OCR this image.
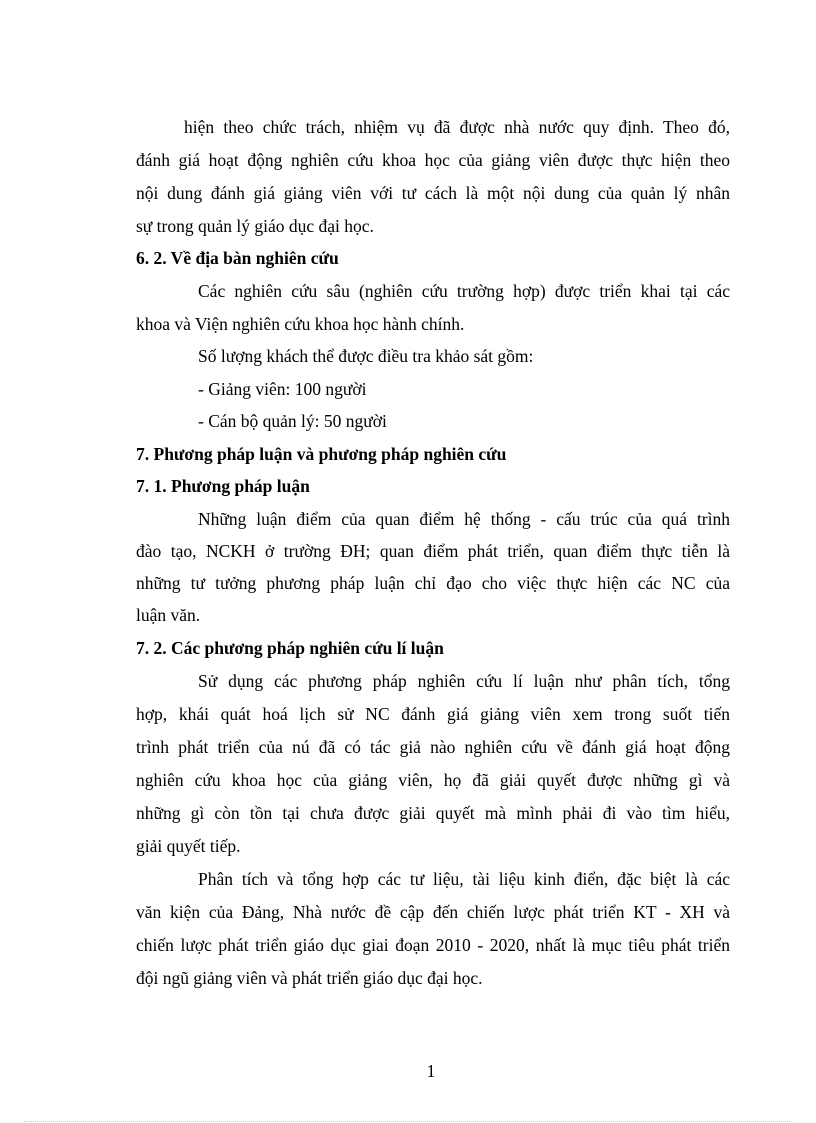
hiện theo chức trách, nhiệm vụ đã được nhà nước quy định. Theo đó,
đánh giá hoạt động nghiên cứu khoa học của giảng viên được thực hiện theo
nội dung đánh giá giảng viên với tư cách là một nội dung của quản lý nhân
sự trong quản lý giáo dục đại học.
6. 2. Về địa bàn nghiên cứu
Các nghiên cứu sâu (nghiên cứu trường hợp) được triển khai tại các
khoa và Viện nghiên cứu khoa học hành chính.
Số lượng khách thể được điều tra khảo sát gồm:
- Giảng viên: 100 người
- Cán bộ quản lý: 50 người
7. Phương pháp luận và phương pháp nghiên cứu
7. 1. Phương pháp luận
Những luận điểm của quan điểm hệ thống - cấu trúc của quá trình
đào tạo, NCKH ở trường ĐH; quan điểm phát triển, quan điểm thực tiễn là
những tư tưởng phương pháp luận chỉ đạo cho việc thực hiện các NC của
luận văn.
7. 2. Các phương pháp nghiên cứu lí luận
Sử dụng các phương pháp nghiên cứu lí luận như phân tích, tổng
hợp, khái quát hoá lịch sử NC đánh giá giảng viên xem trong suốt tiến
trình phát triển của nú đã có tác giả nào nghiên cứu về đánh giá hoạt động
nghiên cứu khoa học của giảng viên, họ đã giải quyết được những gì và
những gì còn tồn tại chưa được giải quyết mà mình phải đi vào tìm hiểu,
giải quyết tiếp.
Phân tích và tổng hợp các tư liệu, tài liệu kinh điển, đặc biệt là các
văn kiện của Đảng, Nhà nước đề cập đến chiến lược phát triển KT - XH và
chiến lược phát triển giáo dục giai đoạn 2010 - 2020, nhất là mục tiêu phát triển
đội ngũ giảng viên và phát triển giáo dục đại học.
1
